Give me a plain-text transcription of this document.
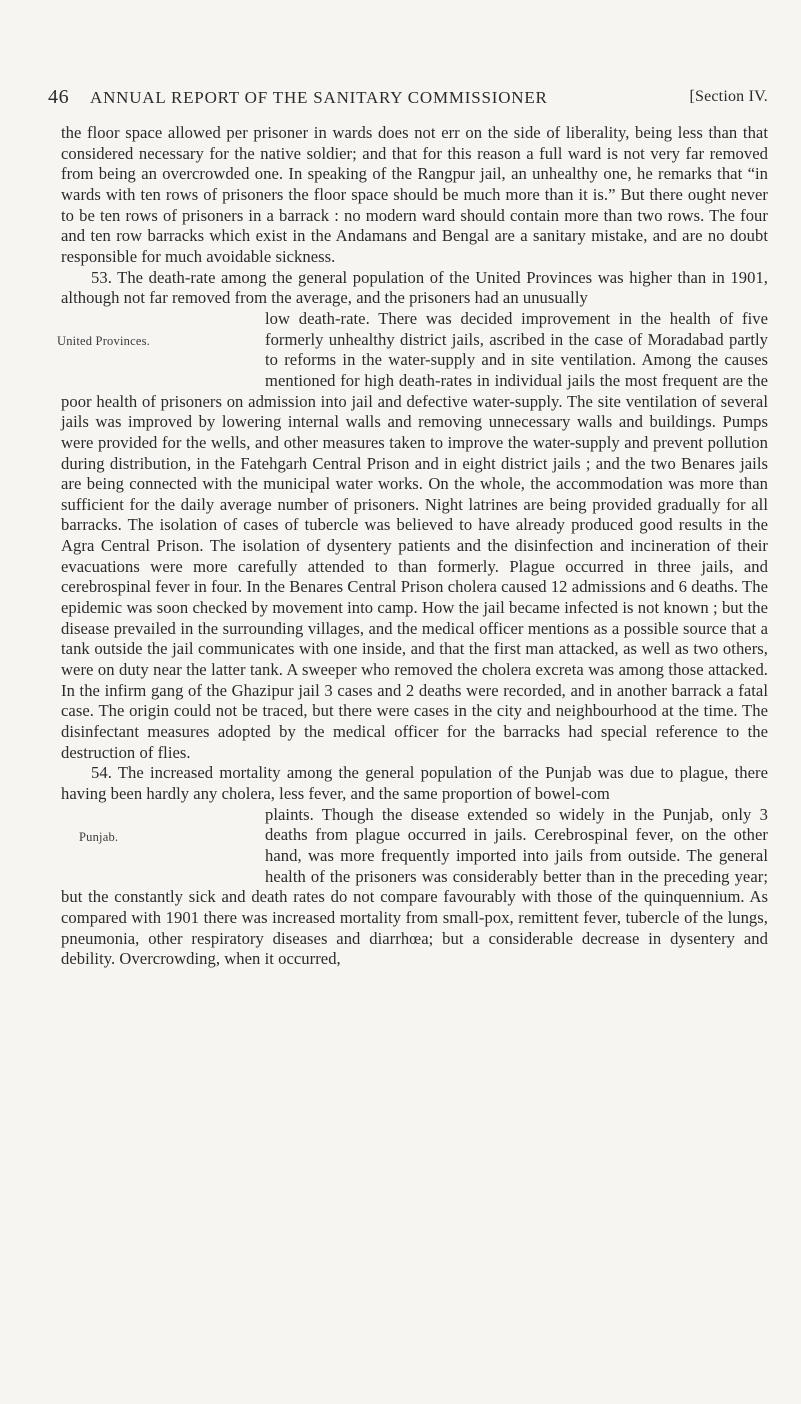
46 ANNUAL REPORT OF THE SANITARY COMMISSIONER	[Section IV.

the floor space allowed per prisoner in wards does not err on the side of liberality, being less than that considered necessary for the native soldier; and that for this reason a full ward is not very far removed from being an overcrowded one. In speaking of the Rangpur jail, an unhealthy one, he remarks that “in wards with ten rows of prisoners the floor space should be much more than it is.” But there ought never to be ten rows of prisoners in a barrack : no modern ward should contain more than two rows. The four and ten row barracks which exist in the Andamans and Bengal are a sanitary mistake, and are no doubt responsible for much avoidable sickness.

53. The death-rate among the general population of the United Provinces was higher than in 1901, although not far removed from the average, and the prisoners had an unusually

United Provinces.

low death-rate. There was decided improvement in the health of five formerly unhealthy district jails, ascribed in the case of Moradabad partly to reforms in the water-supply and in site ventilation. Among the causes mentioned for high death-rates in individual jails the most frequent are the poor health of prisoners on admission into jail and defective water-supply. The site ventilation of several jails was improved by lowering internal walls and removing unnecessary walls and buildings. Pumps were provided for the wells, and other measures taken to improve the water-supply and prevent pollution during distribution, in the Fatehgarh Central Prison and in eight district jails ; and the two Benares jails are being connected with the municipal water works. On the whole, the accommodation was more than sufficient for the daily average number of prisoners. Night latrines are being provided gradually for all barracks. The isolation of cases of tubercle was believed to have already produced good results in the Agra Central Prison. The isolation of dysentery patients and the disinfection and incineration of their evacuations were more carefully attended to than formerly. Plague occurred in three jails, and cerebrospinal fever in four. In the Benares Central Prison cholera caused 12 admissions and 6 deaths. The epidemic was soon checked by movement into camp. How the jail became infected is not known ; but the disease prevailed in the surrounding villages, and the medical officer mentions as a possible source that a tank outside the jail communicates with one inside, and that the first man attacked, as well as two others, were on duty near the latter tank. A sweeper who removed the cholera excreta was among those attacked. In the infirm gang of the Ghazipur jail 3 cases and 2 deaths were recorded, and in another barrack a fatal case. The origin could not be traced, but there were cases in the city and neighbourhood at the time. The disinfectant measures adopted by the medical officer for the barracks had special reference to the destruction of flies.

54. The increased mortality among the general population of the Punjab was due to plague, there having been hardly any cholera, less fever, and the same proportion of bowel-com

Punjab.

plaints. Though the disease extended so widely in the Punjab, only 3 deaths from plague occurred in jails. Cerebrospinal fever, on the other hand, was more frequently imported into jails from outside. The general health of the prisoners was considerably better than in the preceding year; but the constantly sick and death rates do not compare favourably with those of the quinquennium. As compared with 1901 there was increased mortality from small-pox, remittent fever, tubercle of the lungs, pneumonia, other respiratory diseases and diarrhœa; but a considerable decrease in dysentery and debility. Overcrowding, when it occurred,
